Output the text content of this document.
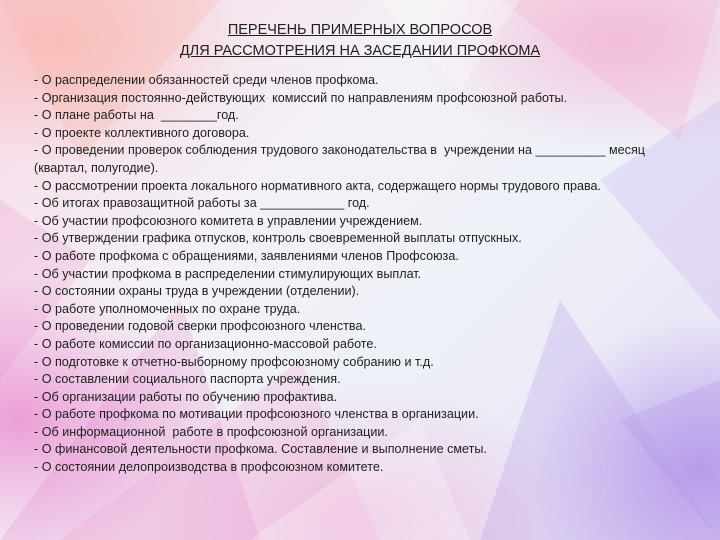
ПЕРЕЧЕНЬ ПРИМЕРНЫХ ВОПРОСОВ
ДЛЯ РАССМОТРЕНИЯ НА ЗАСЕДАНИИ ПРОФКОМА
- О распределении обязанностей среди членов профкома.
- Организация постоянно-действующих  комиссий по направлениям профсоюзной работы.
- О плане работы на  ________год.
- О проекте коллективного договора.
- О проведении проверок соблюдения трудового законодательства в  учреждении на __________ месяц (квартал, полугодие).
- О рассмотрении проекта локального нормативного акта, содержащего нормы трудового права.
- Об итогах правозащитной работы за ____________ год.
- Об участии профсоюзного комитета в управлении учреждением.
- Об утверждении графика отпусков, контроль своевременной выплаты отпускных.
- О работе профкома с обращениями, заявлениями членов Профсоюза.
- Об участии профкома в распределении стимулирующих выплат.
- О состоянии охраны труда в учреждении (отделении).
- О работе уполномоченных по охране труда.
- О проведении годовой сверки профсоюзного членства.
- О работе комиссии по организационно-массовой работе.
- О подготовке к отчетно-выборному профсоюзному собранию и т.д.
- О составлении социального паспорта учреждения.
- Об организации работы по обучению профактива.
- О работе профкома по мотивации профсоюзного членства в организации.
- Об информационной  работе в профсоюзной организации.
- О финансовой деятельности профкома. Составление и выполнение сметы.
- О состоянии делопроизводства в профсоюзном комитете.
